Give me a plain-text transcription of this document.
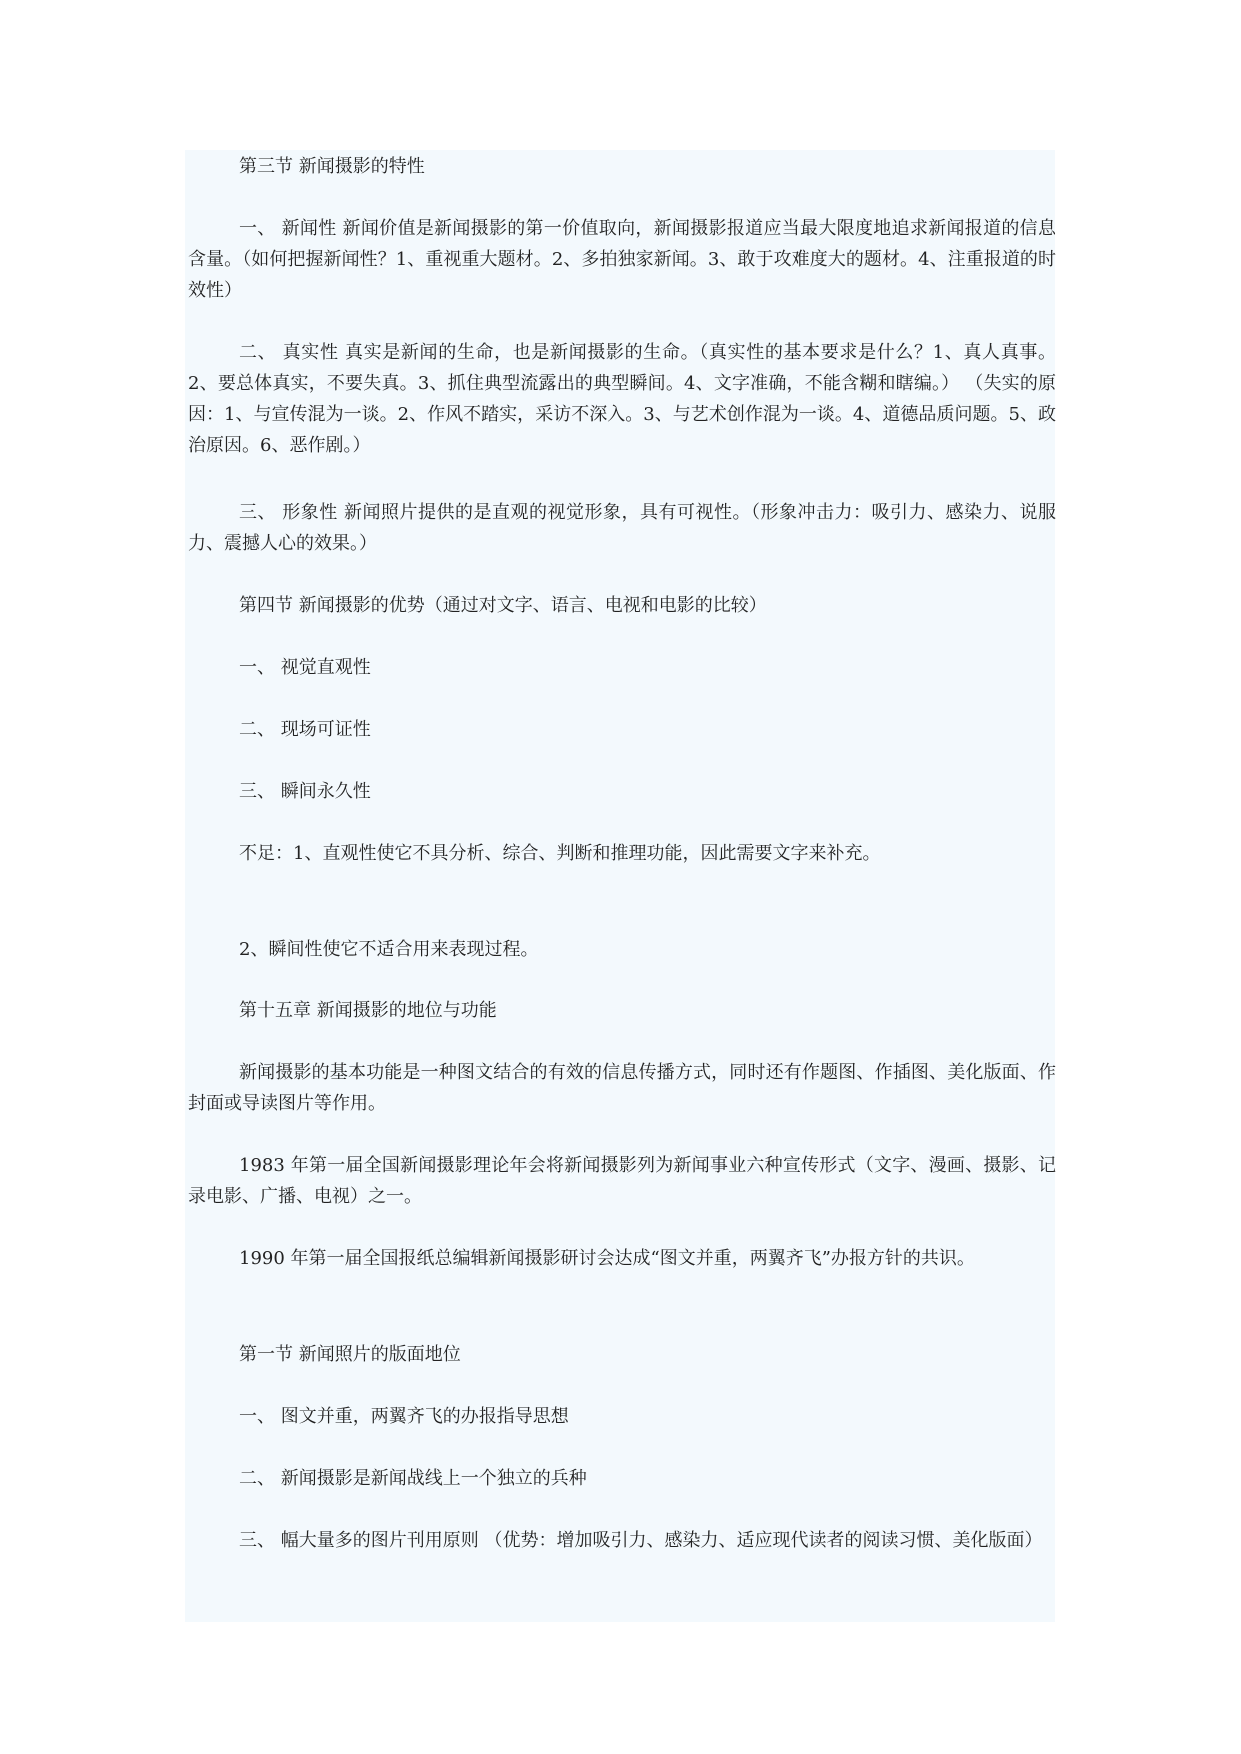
第三节 新闻摄影的特性

一、 新闻性 新闻价值是新闻摄影的第一价值取向，新闻摄影报道应当最大限度地追求新闻报道的信息含量。（如何把握新闻性？1、重视重大题材。2、多拍独家新闻。3、敢于攻难度大的题材。4、注重报道的时效性）

二、 真实性 真实是新闻的生命，也是新闻摄影的生命。（真实性的基本要求是什么？1、真人真事。2、要总体真实，不要失真。3、抓住典型流露出的典型瞬间。4、文字准确，不能含糊和瞎编。） （失实的原因：1、与宣传混为一谈。2、作风不踏实，采访不深入。3、与艺术创作混为一谈。4、道德品质问题。5、政治原因。6、恶作剧。）

三、 形象性 新闻照片提供的是直观的视觉形象，具有可视性。（形象冲击力：吸引力、感染力、说服力、震撼人心的效果。）

第四节 新闻摄影的优势（通过对文字、语言、电视和电影的比较）

一、 视觉直观性

二、 现场可证性

三、 瞬间永久性

不足：1、直观性使它不具分析、综合、判断和推理功能，因此需要文字来补充。

2、瞬间性使它不适合用来表现过程。

第十五章 新闻摄影的地位与功能

新闻摄影的基本功能是一种图文结合的有效的信息传播方式，同时还有作题图、作插图、美化版面、作封面或导读图片等作用。

1983 年第一届全国新闻摄影理论年会将新闻摄影列为新闻事业六种宣传形式（文字、漫画、摄影、记录电影、广播、电视）之一。

1990 年第一届全国报纸总编辑新闻摄影研讨会达成“图文并重，两翼齐飞”办报方针的共识。

第一节 新闻照片的版面地位

一、 图文并重，两翼齐飞的办报指导思想

二、 新闻摄影是新闻战线上一个独立的兵种

三、 幅大量多的图片刊用原则 （优势：增加吸引力、感染力、适应现代读者的阅读习惯、美化版面）
